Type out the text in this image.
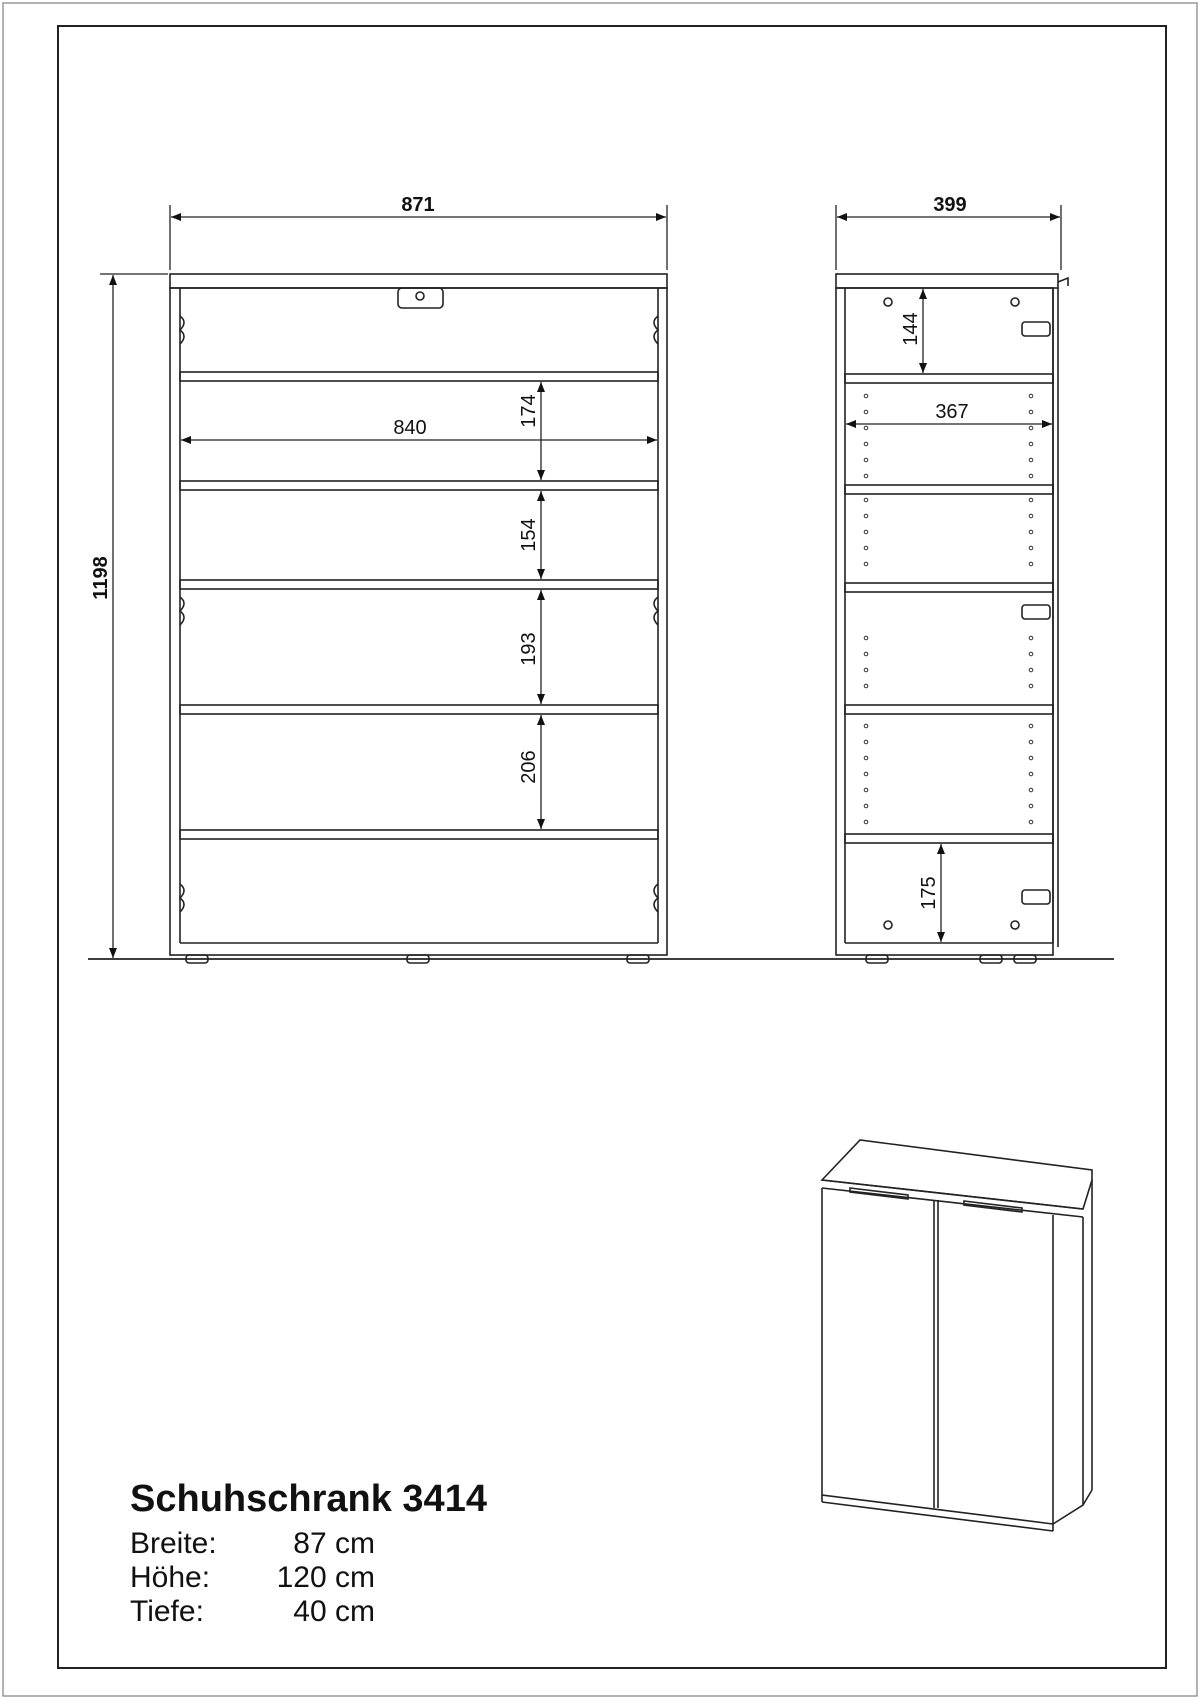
871
1198
840
174
154
193
206
399
367
144
175
Schuhschrank 3414
Breite:	87 cm
Höhe: 120 cm
Tiefe:	40 cm
